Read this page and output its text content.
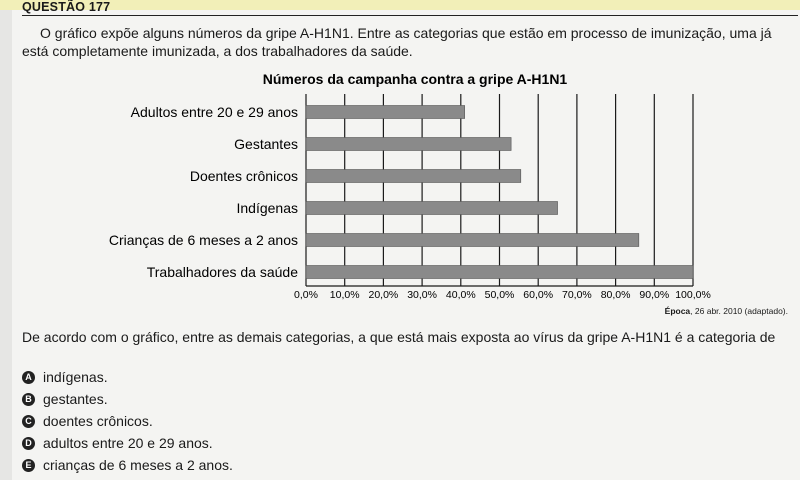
QUESTÃO 177

O gráfico expõe alguns números da gripe A-H1N1. Entre as categorias que estão em processo de imunização, uma já está completamente imunizada, a dos trabalhadores da saúde.

Números da campanha contra a gripe A-H1N1
0,0% 10,0% 20,0% 30,0% 40,0% 50,0% 60,0% 70,0% 80,0% 90,0% 100,0%
Adultos entre 20 e 29 anos
Gestantes
Doentes crônicos
Indígenas
Crianças de 6 meses a 2 anos
Trabalhadores da saúde
Época, 26 abr. 2010 (adaptado).
De acordo com o gráfico, entre as demais categorias, a que está mais exposta ao vírus da gripe A-H1N1 é a categoria de
A indígenas.
B gestantes.
C doentes crônicos.
D adultos entre 20 e 29 anos.
E crianças de 6 meses a 2 anos.
